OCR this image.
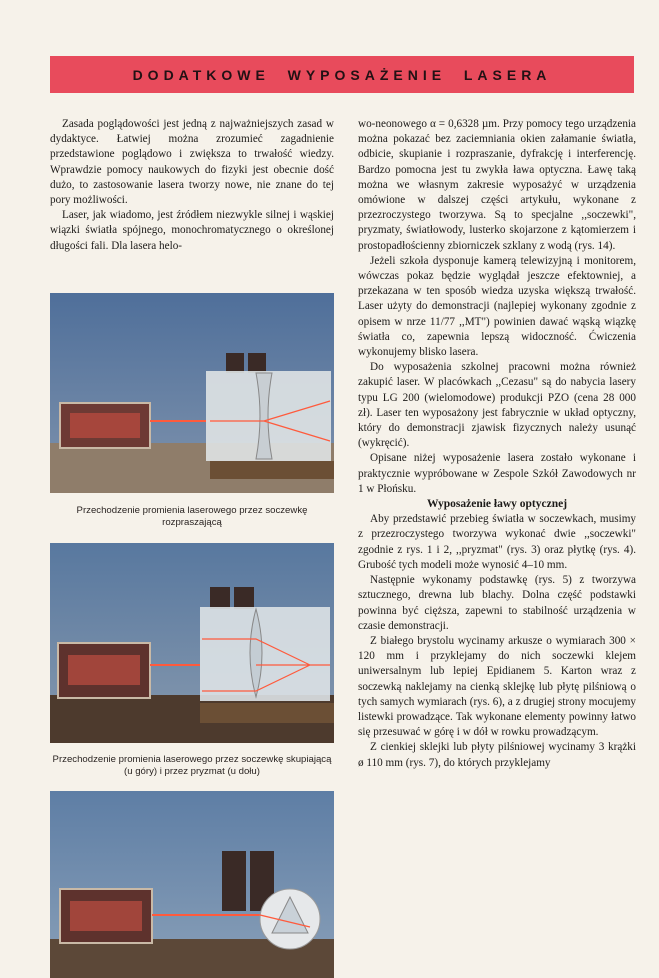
DODATKOWE  WYPOSAŻENIE  LASERA

Zasada poglądowości jest jedną z najważniejszych zasad w dydaktyce. Łatwiej można zrozumieć zagadnienie przedstawione poglądowo i zwiększa to trwałość wiedzy. Wprawdzie pomocy naukowych do fizyki jest obecnie dość dużo, to zastosowanie lasera tworzy nowe, nie znane do tej pory możliwości.

Laser, jak wiadomo, jest źródłem niezwykle silnej i wąskiej wiązki światła spójnego, monochromatycznego o określonej długości fali. Dla lasera helo-

Przechodzenie promienia laserowego przez soczewkę rozpraszającą
Przechodzenie promienia laserowego przez soczewkę skupiającą (u góry) i przez pryzmat (u dołu)

wo-neonowego α = 0,6328 µm. Przy pomocy tego urządzenia można pokazać bez zaciemniania okien załamanie światła, odbicie, skupianie i rozpraszanie, dyfrakcję i interferencję. Bardzo pomocna jest tu zwykła ława optyczna. Ławę taką można we własnym zakresie wyposażyć w urządzenia omówione w dalszej części artykułu, wykonane z przezroczystego tworzywa. Są to specjalne ,,soczewki", pryzmaty, światłowody, lusterko skojarzone z kątomierzem i prostopadłościenny zbiorniczek szklany z wodą (rys. 14).

Jeżeli szkoła dysponuje kamerą telewizyjną i monitorem, wówczas pokaz będzie wyglądał jeszcze efektowniej, a przekazana w ten sposób wiedza uzyska większą trwałość. Laser użyty do demonstracji (najlepiej wykonany zgodnie z opisem w nrze 11/77 ,,MT") powinien dawać wąską wiązkę światła co, zapewnia lepszą widoczność. Ćwiczenia wykonujemy blisko lasera.

Do wyposażenia szkolnej pracowni można również zakupić laser. W placówkach ,,Cezasu" są do nabycia lasery typu LG 200 (wielomodowe) produkcji PZO (cena 28 000 zł). Laser ten wyposażony jest fabrycznie w układ optyczny, który do demonstracji zjawisk fizycznych należy usunąć (wykręcić).

Opisane niżej wyposażenie lasera zostało wykonane i praktycznie wypróbowane w Zespole Szkół Zawodowych nr 1 w Płońsku.

Wyposażenie ławy optycznej

Aby przedstawić przebieg światła w soczewkach, musimy z przezroczystego tworzywa wykonać dwie ,,soczewki" zgodnie z rys. 1 i 2, ,,pryzmat" (rys. 3) oraz płytkę (rys. 4). Grubość tych modeli może wynosić 4–10 mm.

Następnie wykonamy podstawkę (rys. 5) z tworzywa sztucznego, drewna lub blachy. Dolna część podstawki powinna być cięższa, zapewni to stabilność urządzenia w czasie demonstracji.

Z białego brystolu wycinamy arkusze o wymiarach 300 × 120 mm i przyklejamy do nich soczewki klejem uniwersalnym lub lepiej Epidianem 5. Karton wraz z soczewką naklejamy na cienką sklejkę lub płytę pilśniową o tych samych wymiarach (rys. 6), a z drugiej strony mocujemy listewki prowadzące. Tak wykonane elementy powinny łatwo się przesuwać w górę i w dół w rowku prowadzącym.

Z cienkiej sklejki lub płyty pilśniowej wycinamy 3 krążki ø 110 mm (rys. 7), do których przyklejamy
